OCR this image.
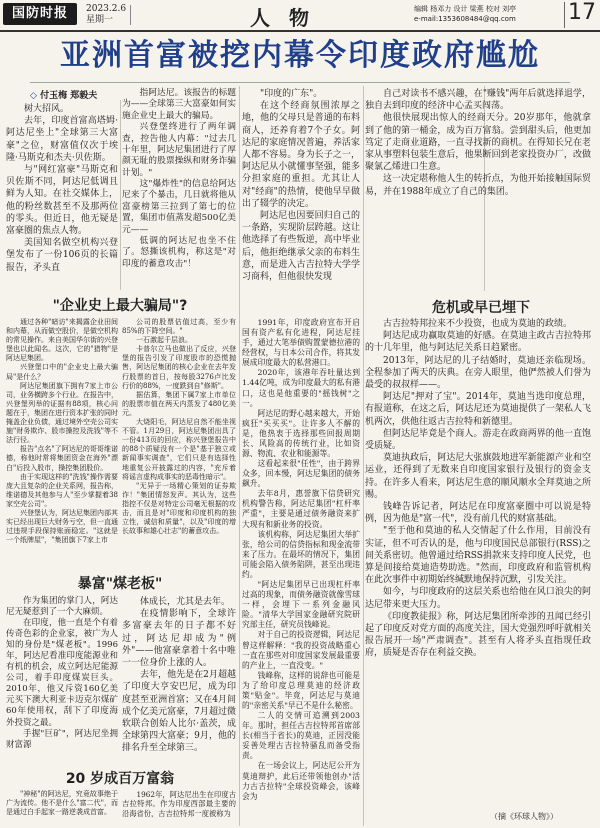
国防时报	2023.2.6
星期一	人 物	编辑 杨邓力 设计 梁燕 校对 刘亭
e-mail:1353608484@qq.com 17
亚洲首富被挖内幕令印度政府尴尬
◇ 付玉梅 郑毅夫

树大招风。

去年，印度首富高塔姆·阿达尼坐上"全球第三大富豪"之位，财富值仅次于埃隆·马斯克和杰夫·贝佐斯。

与"网红富豪"马斯克和贝佐斯不同，阿达尼低调且鲜为人知。在社交媒体上，他的粉丝数甚至不及那两位的零头。但近日，他无疑是富豪圈的焦点人物。

美国知名做空机构兴登堡发布了一份106页的长篇报告，矛头直

指阿达尼。该报告的标题为——全球第三大富豪如何实施企业史上最大的骗局。

兴登堡终进行了两年调查，控告他人内幕："过去几十年里，阿达尼集团进行了厚颜无耻的股票操纵和财务诈骗计划。"

这"爆炸性"的信息给阿达尼来了个暴击，几日就将他从富豪榜第三拉到了第七的位置，集团市值蒸发超500亿美元——

低调的阿达尼也坐不住了。怒撕该机构，称这是"对印度的蓄意攻击"！

"印度的广东"。

在这个经商氛围浓厚之地，他的父母只是普通的布料商人，还养育着7个子女。阿达尼的家庭情况普遍，养活家人都不容易。身为长子之一，阿达尼从小就懂事坚强，能多分担家庭的重担。尤其让人对"经商"的热情，使他早早做出了辍学的决定。

阿达尼也因要回归自己的一条路，实现阶层跨越。这让他选择了有些叛逆，高中毕业后，他拒绝继承父亲的布料生意，而是进入古吉拉特大学学习商科，但他很快发现

自己对读书不感兴趣，在"赚钱"两年后就选择退学，独自去到印度的经济中心孟买闯荡。

他很快展现出惊人的经商天分。20岁那年，他就拿到了他的第一桶金，成为百万富翁。尝到甜头后，他更加笃定了走商业道路，一直寻找新的商机。在得知长兄在老家从事塑料包装生意后，他果断回到老家投资办厂，改做聚氯乙烯进口生意。

这一决定堪称他人生的转折点，为他开始接触国际贸易，并在1988年成立了自己的集团。

"企业史上最大骗局"?	危机或早已埋下
暴富"煤老板"
20 岁成百万富翁

通过各种"暗访"来揭露企业田间和内幕，从而做空股价，是做空机构的常见操作。来自美国华尔街的兴登堡也以此闻名。这次，它的"猎物"是阿达尼集团。

兴登堡口中的"企业史上最大骗局"是什么？

阿达尼集团旗下拥有7家上市公司，业务横跨多个行业。在报告中，兴登堡列举的证据有88项，核心问题在于，集团在进行资本扩张的同时掩盖企业负债，通过境外空壳公司实施"财务欺诈、股市操控及洗钱"等不法行径。

报告"点名"了阿达尼的哥哥维诺德，称他时常将集团资金在海外"漂白"后投入股市，操控集团股价。

由于实现这样的"洗钱"操作需要庞大且复杂的企业关系网，报告称，维诺德及其他参与人"至少掌握着38家空壳公司"。

兴登堡认为，阿达尼集团内部其实已经出现巨大财务亏空，但一直通过违规手段保持账面稳定。"这就是一个纸牌屋"，"集团旗下7家上市

公司的股票估值过高，至少有85%的下降空间。"

一石激起千层浪。

卡普尔立马也做出了反应，兴登堡的报告引发了印度股市的恐慌抛售，阿达尼集团的核心企业在去年发行股票的首日，按每股3276卢比发行价的88%，一度跌到自"修斯"。

据估算，集团下属7家上市单位的股票市值在两天内蒸发了480亿美元。

大烧阳毛，阿达尼自然不能坐视不管。1月29日，阿达尼集团出具了一份413页的回应，称兴登堡报告中的88个质疑没有一个是"基于独立或新闻事实调查"，它们只是有选择性地重复公开披露过的内容，"充斥着将谣言虚构成事实的恶毒性暗示"。

"无异于一场精心策划的证券欺诈！"集团情怒发声。其认为，这些指控不仅是对特定公司毫无根据的攻击，而且是对"印度和印度机构的独立性，诚信和质量"，以及"印度的增长故事和雄心壮志"的蓄意攻击。

作为集团的掌门人，阿达尼无疑惹到了一个大麻烦。

在印度，他一直是个有着传奇色彩的企业家，被广为人知的身份是"煤老板"。1996年，阿达尼看准印度能源业和有机的机会，成立阿达尼能源公司，着手印度煤炭巨头。2010年，他又斥资160亿美元买下澳大利亚卡迈克尔煤矿60年使用权，刮下了印度海外投资之最。

手握"巨矿"，阿达尼坐拥财富源

体成长，尤其是去年。

在疫情影响下，全球许多富豪去年的日子都不好过，阿达尼却成为"例外"——他富豪拿着十名中唯一一位身价上涨的人。

去年，他先是在2月超越了印度大亨安巴尼，成为印度甚至亚洲首富；又在4月间成个亿美元富豪，7月超过微软联合创始人比尔·盖茨，成全球第四大富豪；9月，他的排名升至全球第三。

"神秘"的阿达尼，究竟故事绝于广为流传。他不是什么"富二代"，而是通过白手起家一路逆袭成首富。

1962年，阿达尼出生在印度古吉拉特邦。作为印度西部最主要的沿海省份，古吉拉特邦一度被称为

1991年，印度政府宣布开启国有资产私有化进程，阿达尼挂手，通过大笔举债购置蒙德拉港的经营权，与日本公司合作，将其发展成印度最大的私营港口。

2020年，该港年吞吐量达到1.44亿吨，成为印度最大的私有港口，这也是他重要的"摇钱树"之一。

阿达尼的野心越来越大，开始疯狂"买买买"。让许多人不解的是，他热衷于选择那些回报周期长、风险高的传统行业，比如资源、物流、农业和能源等。

这看起来很"任性"，由于跨界众多，回本慢，阿达尼集团的债务飙升。

去年8月，惠誉旗下信贷研究机构警告称，阿达尼集团"杠杆率严重"，主要是通过债务融资来扩大现有和新业务的投资。

该机构称，阿达尼集团大举扩张，给公司的信贷指标和现金流带来了压力。在最坏的情况下，集团可能会陷入债务陷阱，甚至出现违约。

"阿达尼集团早已出现杠杆率过高的现象，而债务融资就像雪球一样，会埋下一系列金融风险。"清华大学国家金融研究院研究部主任，研究员钱峰说。

对于自己的投资逻辑，阿达尼曾这样解释："我的投资战略重心一直在那些对印度国家发展最重要的产业上，一直没变。"

钱峰称，这样的说辞也可能是为了给印度总理莫迪的经济政策"贴金"。毕竟，阿达尼与莫迪的"亲密关系"早已不是什么秘密。

二人的交情可追溯到2003年。那时，担任古吉拉特邦首席部长(相当于省长)的莫迪，正因没能妥善处理古吉拉特骚乱而备受指责。

在一场会议上，阿达尼公开为莫迪辩护，此后还带领他创办"活力古吉拉特"全球投资峰会，该峰会为

古吉拉特邦拉来不少投资，也成为莫迪的政绩。

阿达尼成功赢取莫迪的好感。在莫迪主政古吉拉特邦的十几年里，他与阿达尼关系日趋紧密。

2013年，阿达尼的儿子结婚时，莫迪还亲临现场。全程参加了两天的庆典。在旁人眼里，他俨然被人们誉为最受的叔叔样——。

阿达尼"押对了宝"。2014年，莫迪当选印度总理，有报道称，在这之后，阿达尼还为莫迪提供了一架私人飞机两次，供他往返古吉拉特和新德里。

但阿达尼毕竟是个商人。游走在政商两界的他一直饱受质疑。

莫迪执政后，阿达尼大张旗鼓地进军新能源产业和空运业，还得到了无数来自印度国家银行及银行的资金支持。在许多人看来，阿达尼生意的顺风顺水全拜莫迪之所赐。

钱峰告诉记者，阿达尼在印度富豪圈中可以说是特例，因为他是"富一代"，没有前几代的财富基础。

"至于他和莫迪的私人交情起了什么作用，目前没有实证，但不可否认的是，他与印度国民总部银行(RSS)之间关系密切。他曾通过给RSS捐款来支持印度人民党，也算是间接给莫迪造势助选。"然而，印度政府和监管机构在此次事件中初期始终缄默地保持沉默，引发关注。

如今，与印度政府的这层关系也给他在风口浪尖的阿达尼带来更大压力。

《印度教徒报》称，阿达尼集团所牵涉的丑闻已经引起了印度反对党方面的高度关注，国大党强烈呼吁就相关报告展开一场"严肃调查"。甚至有人将矛头直指现任政府，质疑是否存在利益交换。

（摘《环球人物》）
